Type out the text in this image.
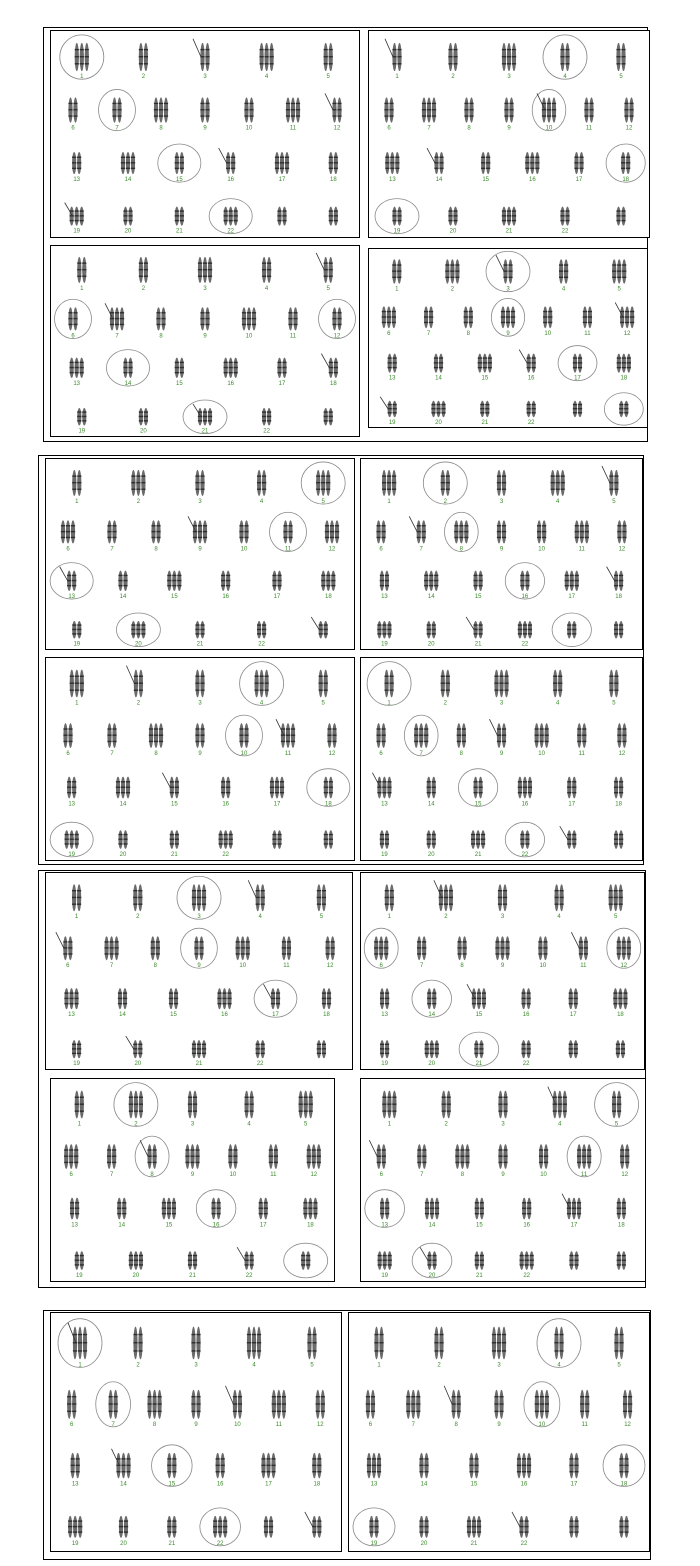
1	2	3	4	5
6	7	8	9	10	11	12
13	14	15	16	17	18
19	20	21	22
1	2	3	4	5
6	7	8	9	10	11	12
13	14	15	16	17	18
19	20	21	22
1	2	3	4	5
6	7	8	9	10	11	12
13	14	15	16	17	18
19	20	21	22
1	2	3	4	5
6	7	8	9	10	11	12
13	14	15	16	17	18
19	20	21	22
1	2	3	4	5
6	7	8	9	10	11	12
13	14	15	16	17	18
19	20	21	22
1	2	3	4	5
6	7	8	9	10	11	12
13	14	15	16	17	18
19	20	21	22
1	2	3	4	5
6	7	8	9	10	11	12
13	14	15	16	17	18
19	20	21	22
1	2	3	4	5
6	7	8	9	10	11	12
13	14	15	16	17	18
19	20	21	22
1	2	3	4	5
6	7	8	9	10	11	12
13	14	15	16	17	18
19	20	21	22
1	2	3	4	5
6	7	8	9	10	11	12
13	14	15	16	17	18
19	20	21	22
1	2	3	4	5
6	7	8	9	10	11	12
13	14	15	16	17	18
19	20	21	22
1	2	3	4	5
6	7	8	9	10	11	12
13	14	15	16	17	18
19	20	21	22
1	2	3	4	5
6	7	8	9	10	11	12
13	14	15	16	17	18
19	20	21	22
1	2	3	4	5
6	7	8	9	10	11	12
13	14	15	16	17	18
19	20	21	22
